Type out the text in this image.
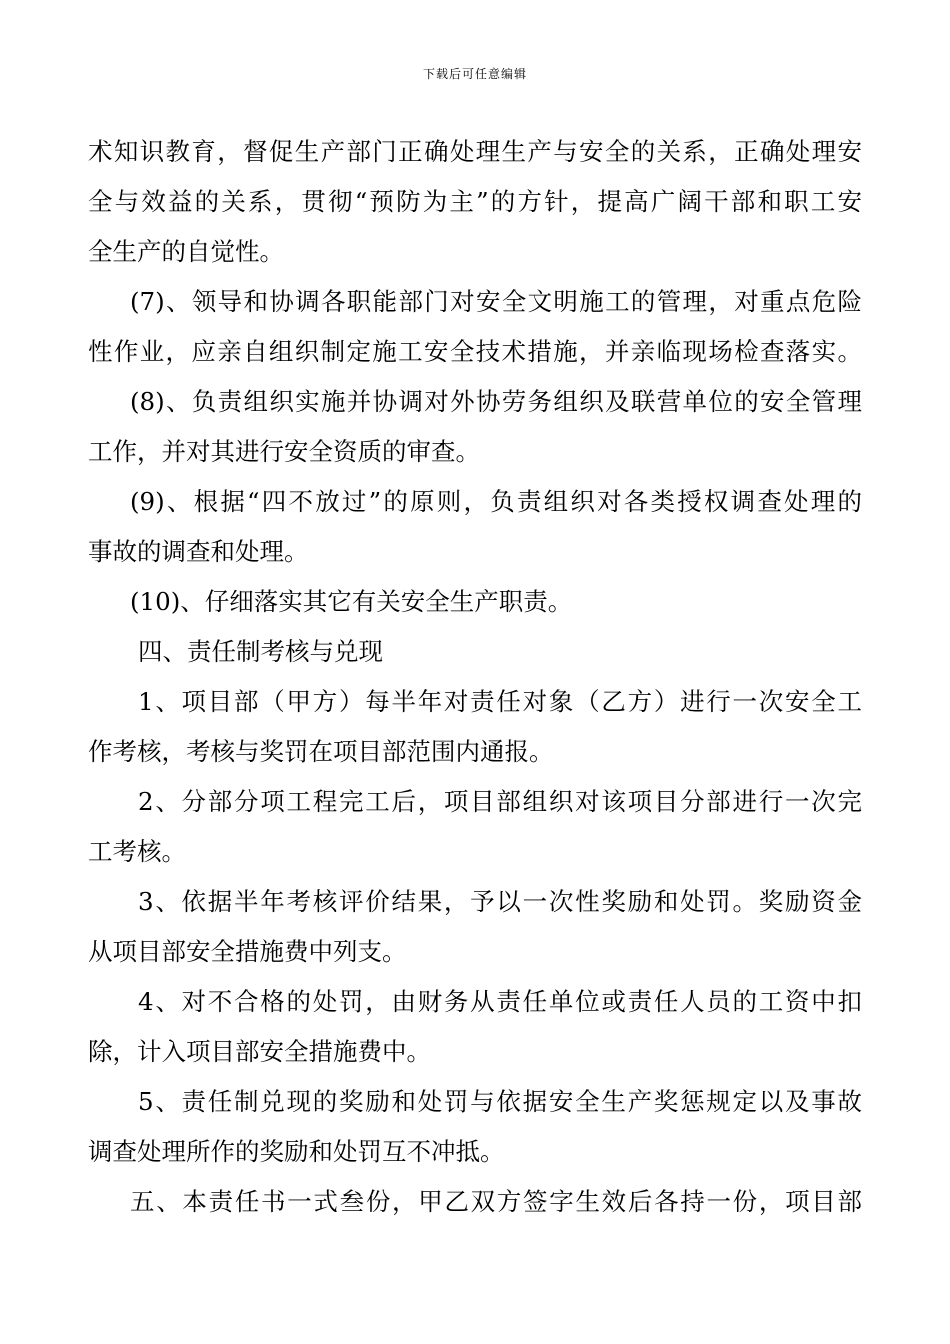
下载后可任意编辑
术知识教育，督促生产部门正确处理生产与安全的关系，正确处理安
全与效益的关系，贯彻“预防为主”的方针，提高广阔干部和职工安
全生产的自觉性。
(7)、领导和协调各职能部门对安全文明施工的管理，对重点危险
性作业，应亲自组织制定施工安全技术措施，并亲临现场检查落实。
(8)、负责组织实施并协调对外协劳务组织及联营单位的安全管理
工作，并对其进行安全资质的审查。
(9)、根据“四不放过”的原则，负责组织对各类授权调查处理的
事故的调查和处理。
(10)、仔细落实其它有关安全生产职责。
四、责任制考核与兑现
1、项目部（甲方）每半年对责任对象（乙方）进行一次安全工
作考核，考核与奖罚在项目部范围内通报。
2、分部分项工程完工后，项目部组织对该项目分部进行一次完
工考核。
3、依据半年考核评价结果，予以一次性奖励和处罚。奖励资金
从项目部安全措施费中列支。
4、对不合格的处罚，由财务从责任单位或责任人员的工资中扣
除，计入项目部安全措施费中。
5、责任制兑现的奖励和处罚与依据安全生产奖惩规定以及事故
调查处理所作的奖励和处罚互不冲抵。
五、本责任书一式叁份，甲乙双方签字生效后各持一份，项目部
